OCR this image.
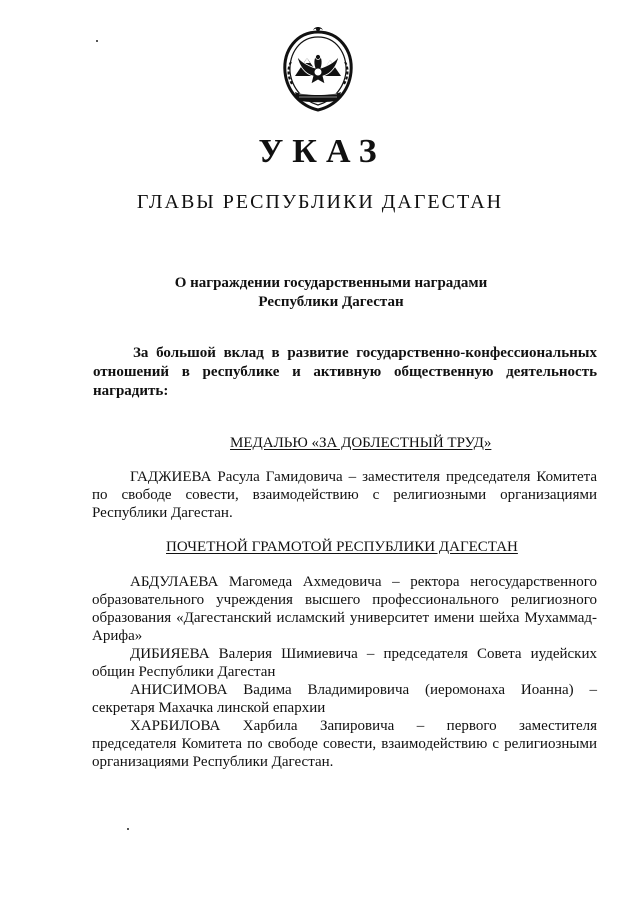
УКАЗ
ГЛАВЫ РЕСПУБЛИКИ ДАГЕСТАН
О награждении государственными наградами
Республики Дагестан
За большой вклад в развитие государственно-конфессиональных
отношений в республике и активную общественную деятельность
наградить:
МЕДАЛЬЮ «ЗА ДОБЛЕСТНЫЙ ТРУД»
ГАДЖИЕВА Расула Гамидовича – заместителя председателя Комитета
по свободе совести, взаимодействию с религиозными организациями
Республики Дагестан.
ПОЧЕТНОЙ ГРАМОТОЙ РЕСПУБЛИКИ ДАГЕСТАН
АБДУЛАЕВА Магомеда Ахмедовича – ректора негосударственного
образовательного учреждения высшего профессионального религиозного
образования «Дагестанский исламский университет имени шейха Мухаммад-
Арифа»
ДИБИЯЕВА Валерия Шимиевича – председателя Совета иудейских
общин Республики Дагестан
АНИСИМОВА Вадима Владимировича (иеромонаха Иоанна) –
секретаря Махачка линской епархии
ХАРБИЛОВА Харбила Запировича – первого заместителя
председателя Комитета по свободе совести, взаимодействию с религиозными
организациями Республики Дагестан.
